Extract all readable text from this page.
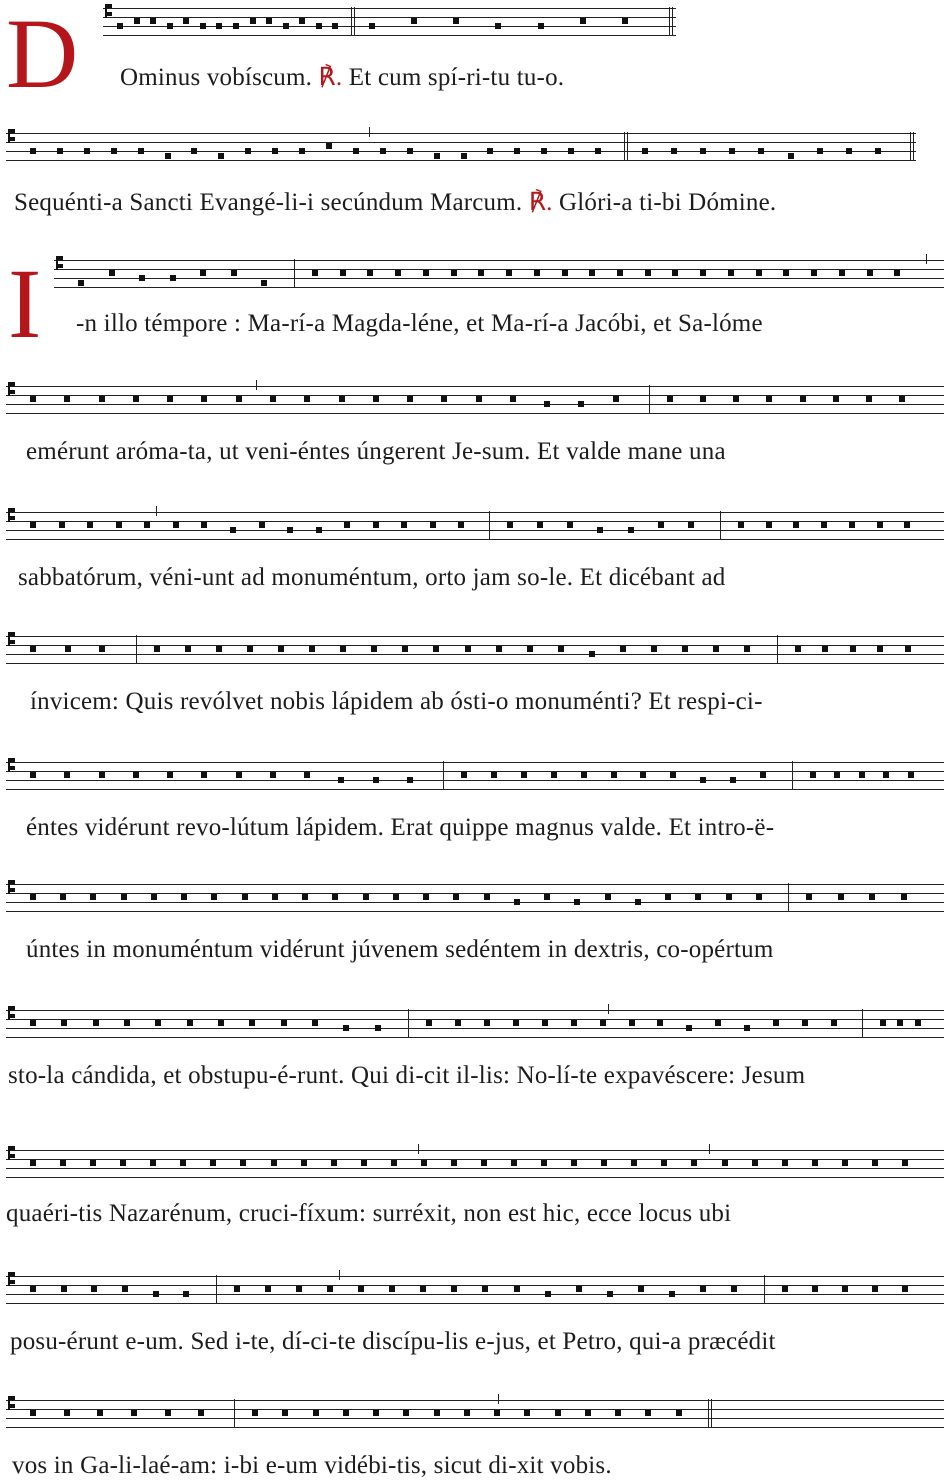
D
I
Ominus vobíscum. ℟. Et cum spí-ri-tu tu-o.
Sequénti-a Sancti Evangé-li-i secúndum Marcum. ℟. Glóri-a ti-bi Dómine.
-n illo témpore : Ma-rí-a Magda-léne, et Ma-rí-a Jacóbi, et Sa-lóme
emérunt aróma-ta, ut veni-éntes úngerent Je-sum. Et valde mane una
sabbatórum, véni-unt ad monuméntum, orto jam so-le. Et dicébant ad
ínvicem: Quis revólvet nobis lápidem ab ósti-o monuménti? Et respi-ci-
éntes vidérunt revo-lútum lápidem. Erat quippe magnus valde. Et intro-ë-
úntes in monuméntum vidérunt júvenem sedéntem in dextris, co-opértum
sto-la cándida, et obstupu-é-runt. Qui di-cit il-lis: No-lí-te expavéscere: Jesum
quaéri-tis Nazarénum, cruci-fíxum: surréxit, non est hic, ecce locus ubi
posu-érunt e-um. Sed i-te, dí-ci-te discípu-lis e-jus, et Petro, qui-a præcédit
vos in Ga-li-laé-am: i-bi e-um vidébi-tis, sicut di-xit vobis.
